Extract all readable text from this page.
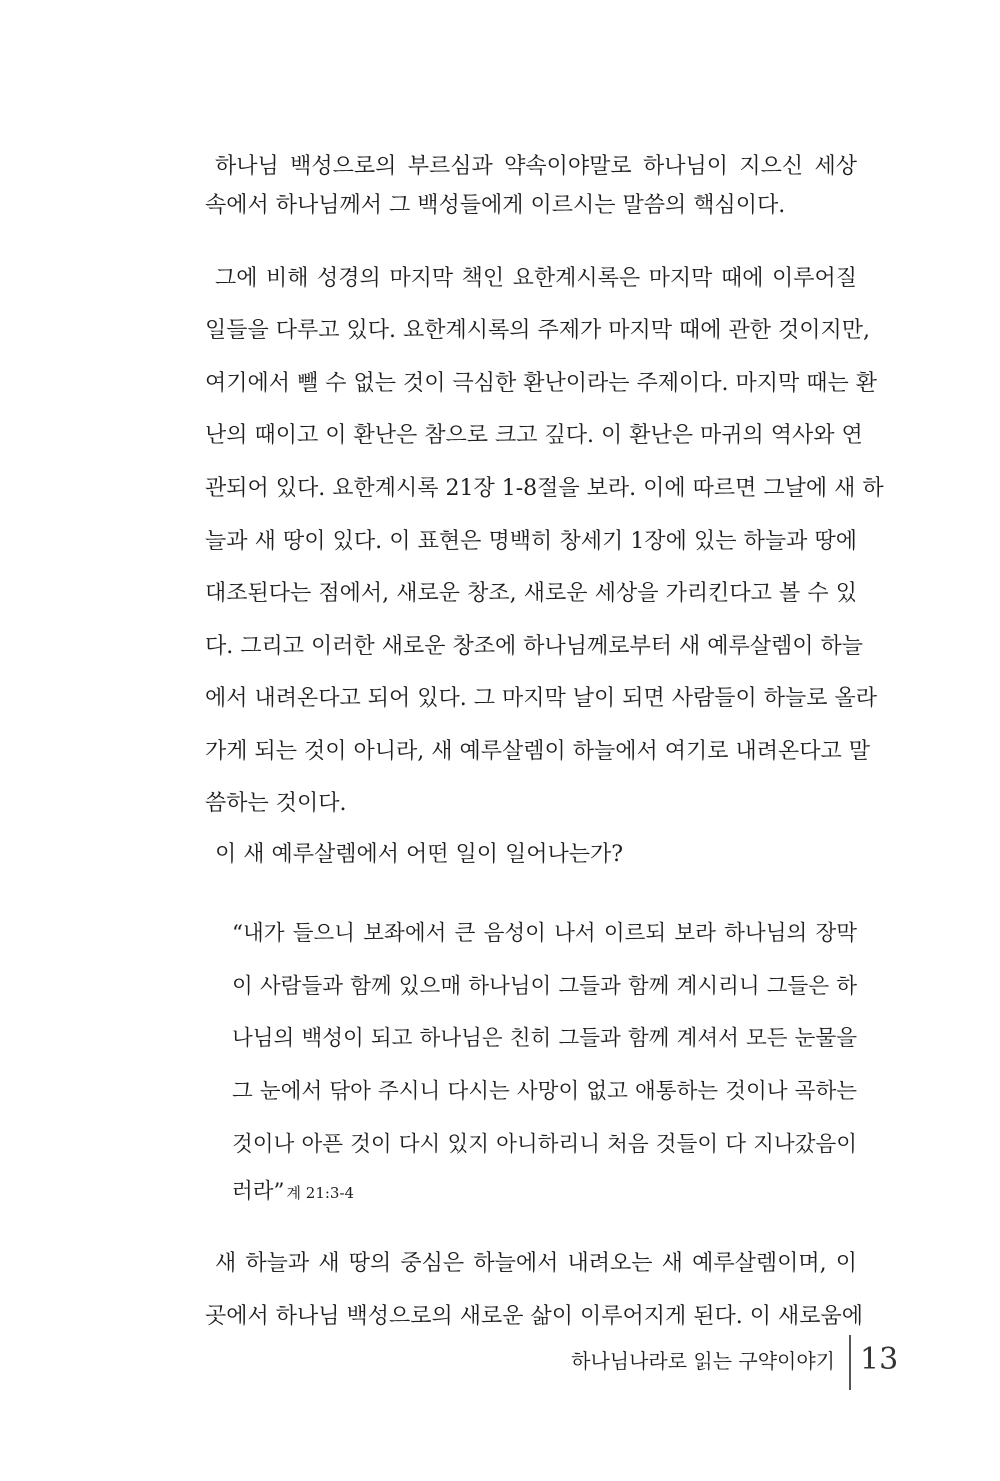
하나님 백성으로의 부르심과 약속이야말로 하나님이 지으신 세상
속에서 하나님께서 그 백성들에게 이르시는 말씀의 핵심이다.
그에 비해 성경의 마지막 책인 요한계시록은 마지막 때에 이루어질
일들을 다루고 있다. 요한계시록의 주제가 마지막 때에 관한 것이지만,
여기에서 뺄 수 없는 것이 극심한 환난이라는 주제이다. 마지막 때는 환
난의 때이고 이 환난은 참으로 크고 깊다. 이 환난은 마귀의 역사와 연
관되어 있다. 요한계시록 21장 1-8절을 보라. 이에 따르면 그날에 새 하
늘과 새 땅이 있다. 이 표현은 명백히 창세기 1장에 있는 하늘과 땅에
대조된다는 점에서, 새로운 창조, 새로운 세상을 가리킨다고 볼 수 있
다. 그리고 이러한 새로운 창조에 하나님께로부터 새 예루살렘이 하늘
에서 내려온다고 되어 있다. 그 마지막 날이 되면 사람들이 하늘로 올라
가게 되는 것이 아니라, 새 예루살렘이 하늘에서 여기로 내려온다고 말
씀하는 것이다.
이 새 예루살렘에서 어떤 일이 일어나는가?
“내가 들으니 보좌에서 큰 음성이 나서 이르되 보라 하나님의 장막
이 사람들과 함께 있으매 하나님이 그들과 함께 계시리니 그들은 하
나님의 백성이 되고 하나님은 친히 그들과 함께 계셔서 모든 눈물을
그 눈에서 닦아 주시니 다시는 사망이 없고 애통하는 것이나 곡하는
것이나 아픈 것이 다시 있지 아니하리니 처음 것들이 다 지나갔음이
러라” 계 21:3-4
새 하늘과 새 땅의 중심은 하늘에서 내려오는 새 예루살렘이며, 이
곳에서 하나님 백성으로의 새로운 삶이 이루어지게 된다. 이 새로움에
하나님나라로 읽는 구약이야기 13
